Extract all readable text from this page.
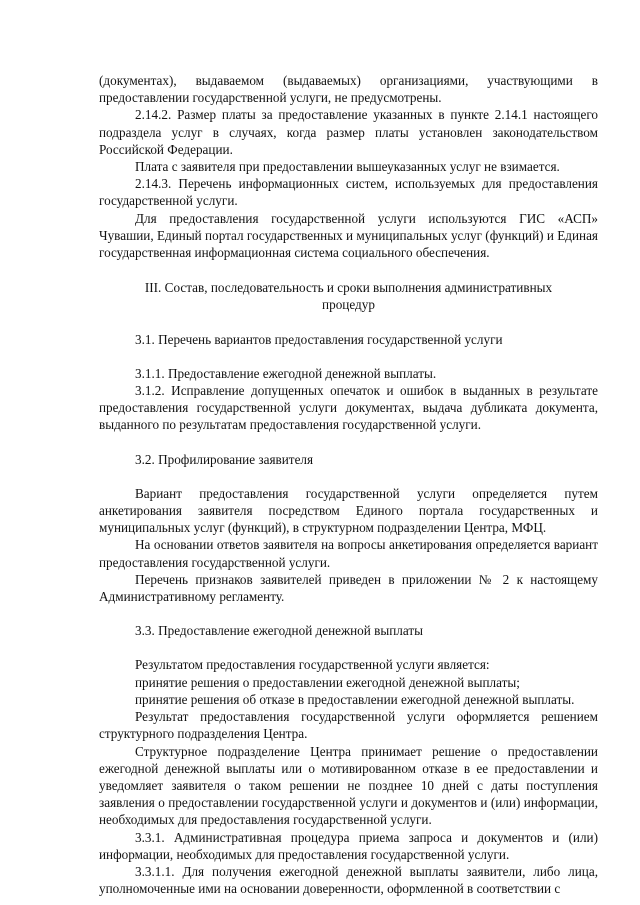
(документах), выдаваемом (выдаваемых) организациями, участвующими в предоставлении государственной услуги, не предусмотрены.

2.14.2. Размер платы за предоставление указанных в пункте 2.14.1 настоящего подраздела услуг в случаях, когда размер платы установлен законодательством Российской Федерации.

Плата с заявителя при предоставлении вышеуказанных услуг не взимается.

2.14.3. Перечень информационных систем, используемых для предоставления государственной услуги.

Для предоставления государственной услуги используются ГИС «АСП» Чувашии, Единый портал государственных и муниципальных услуг (функций) и Единая государственная информационная система социального обеспечения.

III. Состав, последовательность и сроки выполнения административных процедур

3.1. Перечень вариантов предоставления государственной услуги

3.1.1. Предоставление ежегодной денежной выплаты.

3.1.2. Исправление допущенных опечаток и ошибок в выданных в результате предоставления государственной услуги документах, выдача дубликата документа, выданного по результатам предоставления государственной услуги.

3.2. Профилирование заявителя

Вариант предоставления государственной услуги определяется путем анкетирования заявителя посредством Единого портала государственных и муниципальных услуг (функций), в структурном подразделении Центра, МФЦ.

На основании ответов заявителя на вопросы анкетирования определяется вариант предоставления государственной услуги.

Перечень признаков заявителей приведен в приложении № 2 к настоящему Административному регламенту.

3.3. Предоставление ежегодной денежной выплаты

Результатом предоставления государственной услуги является:

принятие решения о предоставлении ежегодной денежной выплаты;

принятие решения об отказе в предоставлении ежегодной денежной выплаты.

Результат предоставления государственной услуги оформляется решением структурного подразделения Центра.

Структурное подразделение Центра принимает решение о предоставлении ежегодной денежной выплаты или о мотивированном отказе в ее предоставлении и уведомляет заявителя о таком решении не позднее 10 дней с даты поступления заявления о предоставлении государственной услуги и документов и (или) информации, необходимых для предоставления государственной услуги.

3.3.1. Административная процедура приема запроса и документов и (или) информации, необходимых для предоставления государственной услуги.

3.3.1.1. Для получения ежегодной денежной выплаты заявители, либо лица, уполномоченные ими на основании доверенности, оформленной в соответствии с
